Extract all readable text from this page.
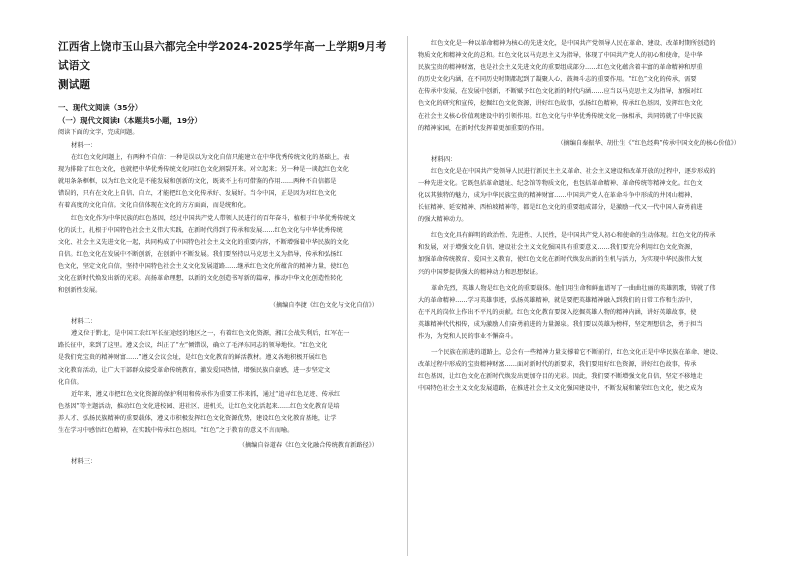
江西省上饶市玉山县六都完全中学2024-2025学年高一上学期9月考试语文
测试题

一、现代文阅读（35分）

（一）现代文阅读Ⅰ（本题共5小题，19分）

阅读下面的文字，完成问题。

材料一：

在红色文化问题上，有两种不自信：一种是误以为文化自信只能建立在中华优秀传统文化的基础上，表

现为排除了红色文化，也就把中华优秀传统文化同红色文化割裂开来。对立起来；另一种是一谈起红色文化

就用条条框框，以为红色文化是不能发展和创新的文化，既谈不上有可借鉴的作用……两种不自信都是

错误的，只有在文化上自信、自立，才能把红色文化传承好、发展好。当今中国，正是因为对红色文化

有着高度的文化自信。文化自信体现在文化的方方面面，而是统和化。

红色文化作为中华民族的红色基因，经过中国共产党人带领人民进行的百年奋斗，植根于中华优秀传统文

化的沃土，扎根于中国特色社会主义伟大实践，在新时代得到了传承和发展……红色文化与中华优秀传统

文化、社会主义先进文化一起，共同构成了中国特色社会主义文化的重要内容，不断增强着中华民族的文化

自信。红色文化在发展中不断创新，在创新中不断发展。我们要坚持以马克思主义为指导，传承和弘扬红

色文化，坚定文化自信，坚持中国特色社会主义文化发展道路……继承红色文化所蕴含的精神力量，使红色

文化在新时代焕发出新的光彩。高扬革命理想，以新的文化创造书写新的篇章，推动中华文化创造性转化

和创新性发展。

（摘编自李捷《红色文化与文化自信》）

材料二：

遵义位于黔北，是中国工农红军长征途经的地区之一，有着红色文化资源，湘江会战失利后，红军在一

路长征中，来到了这里。遵义会议，纠正了“左”倾错误，确立了毛泽东同志的领导地位。“红色文化

是我们党宝贵的精神财富……”遵义会议会址，是红色文化教育的鲜活教材。遵义各地积极开展红色

文化教育活动，让广大干部群众接受革命传统教育，激发爱国热情，增强民族自豪感，进一步坚定文

化自信。

近年来，遵义市把红色文化资源的保护利用和传承作为重要工作来抓，通过“追寻红色足迹、传承红

色基因”等主题活动，推动红色文化进校园、进社区、进机关，让红色文化活起来……红色文化教育是培

养人才、弘扬民族精神的重要载体，遵义市积极发挥红色文化资源优势，建设红色文化教育基地，让学

生在学习中感悟红色精神，在实践中传承红色基因。“红色”之于教育的意义不言而喻。

（摘编自谷道春《红色文化融合传统教育新路径》）

材料三：

红色文化是一种以革命精神为核心的先进文化，是中国共产党领导人民在革命、建设、改革时期所创造的

物质文化和精神文化的总和。红色文化以马克思主义为指导，体现了中国共产党人的初心和使命，是中华

民族宝贵的精神财富，也是社会主义先进文化的重要组成部分……红色文化蕴含着丰富的革命精神和厚重

的历史文化内涵，在不同历史时期都起到了凝聚人心、鼓舞斗志的重要作用。“红色”文化的传承，需要

在传承中发展，在发展中创新，不断赋予红色文化新的时代内涵……应当以马克思主义为指导，加强对红

色文化的研究和宣传，挖掘红色文化资源，讲好红色故事，弘扬红色精神，传承红色基因，发挥红色文化

在社会主义核心价值观建设中的引领作用。红色文化与中华优秀传统文化一脉相承，共同铸就了中华民族

的精神家园，在新时代发挥着更加重要的作用。

（摘编自秦振华、胡仕生《“红色经典”传承中国文化的核心价值》）

材料四：

红色文化是在中国共产党领导人民进行新民主主义革命、社会主义建设和改革开放的过程中，逐步形成的

一种先进文化。它既包括革命遗址、纪念馆等物质文化，也包括革命精神、革命传统等精神文化。红色文

化以其独特的魅力，成为中华民族宝贵的精神财富……中国共产党人在革命斗争中形成的井冈山精神、

长征精神、延安精神、西柏坡精神等，都是红色文化的重要组成部分，是激励一代又一代中国人奋勇前进

的强大精神动力。

红色文化具有鲜明的政治性、先进性、人民性，是中国共产党人初心和使命的生动体现。红色文化的传承

和发展，对于增强文化自信、建设社会主义文化强国具有重要意义……我们要充分利用红色文化资源，

加强革命传统教育、爱国主义教育，使红色文化在新时代焕发出新的生机与活力，为实现中华民族伟大复

兴的中国梦提供强大的精神动力和思想保证。

革命先烈，英雄人物是红色文化的重要载体。他们用生命和鲜血谱写了一曲曲壮丽的英雄凯歌，铸就了伟

大的革命精神……学习英雄事迹，弘扬英雄精神，就是要把英雄精神融入到我们的日常工作和生活中，

在平凡的岗位上作出不平凡的贡献。红色文化教育要深入挖掘英雄人物的精神内涵，讲好英雄故事，使

英雄精神代代相传，成为激励人们奋勇前进的力量源泉。我们要以英雄为榜样，坚定理想信念，勇于担当

作为，为党和人民的事业不懈奋斗。

一个民族在前进的道路上，总会有一些精神力量支撑着它不断前行，红色文化正是中华民族在革命、建设、

改革过程中形成的宝贵精神财富……面对新时代的新要求，我们要用好红色资源，讲好红色故事，传承

红色基因，让红色文化在新时代焕发出更加夺目的光彩。因此，我们要不断增强文化自信，坚定不移地走

中国特色社会主义文化发展道路，在推进社会主义文化强国建设中，不断发展和繁荣红色文化，使之成为
